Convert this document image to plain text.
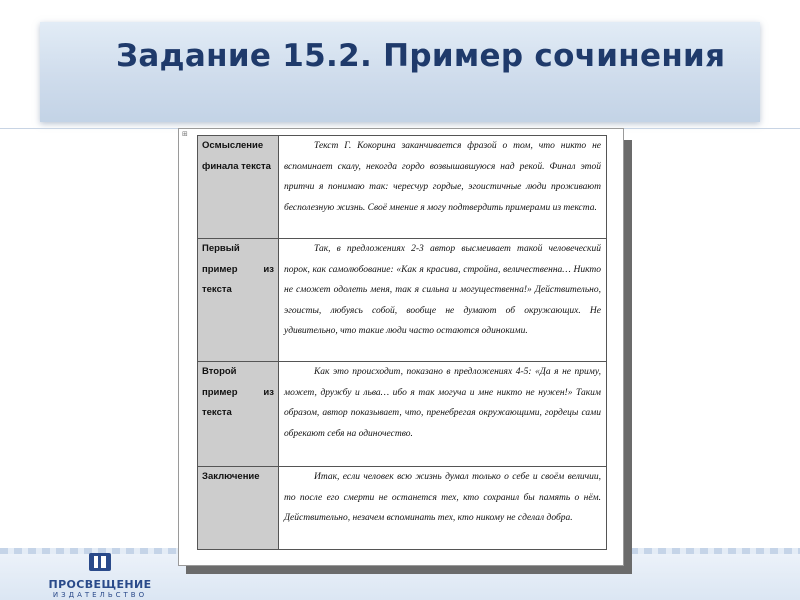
Задание 15.2. Пример сочинения
ПРОСВЕЩЕНИЕ
ИЗДАТЕЛЬСТВО
⊞
Осмысление финала текста	Текст Г. Кокорина заканчивается фразой о том, что никто не вспоминает скалу, некогда гордо возвышавшуюся над рекой. Финал этой притчи я понимаю так: чересчур гордые, эгоистичные люди проживают бесполезную жизнь. Своё мнение я могу подтвердить примерами из текста.
Первый пример из текста	Так, в предложениях 2-3 автор высмеивает такой человеческий порок, как самолюбование: «Как я красива, стройна, величественна… Никто не сможет одолеть меня, так я сильна и могущественна!» Действительно, эгоисты, любуясь собой, вообще не думают об окружающих. Не удивительно, что такие люди часто остаются одинокими.
Второй пример из текста	Как это происходит, показано в предложениях 4-5: «Да я не приму, может, дружбу и льва… ибо я так могуча и мне никто не нужен!» Таким образом, автор показывает, что, пренебрегая окружающими, гордецы сами обрекают себя на одиночество.
Заключение	Итак, если человек всю жизнь думал только о себе и своём величии, то после его смерти не останется тех, кто сохранил бы память о нём. Действительно, незачем вспоминать тех, кто никому не сделал добра.
